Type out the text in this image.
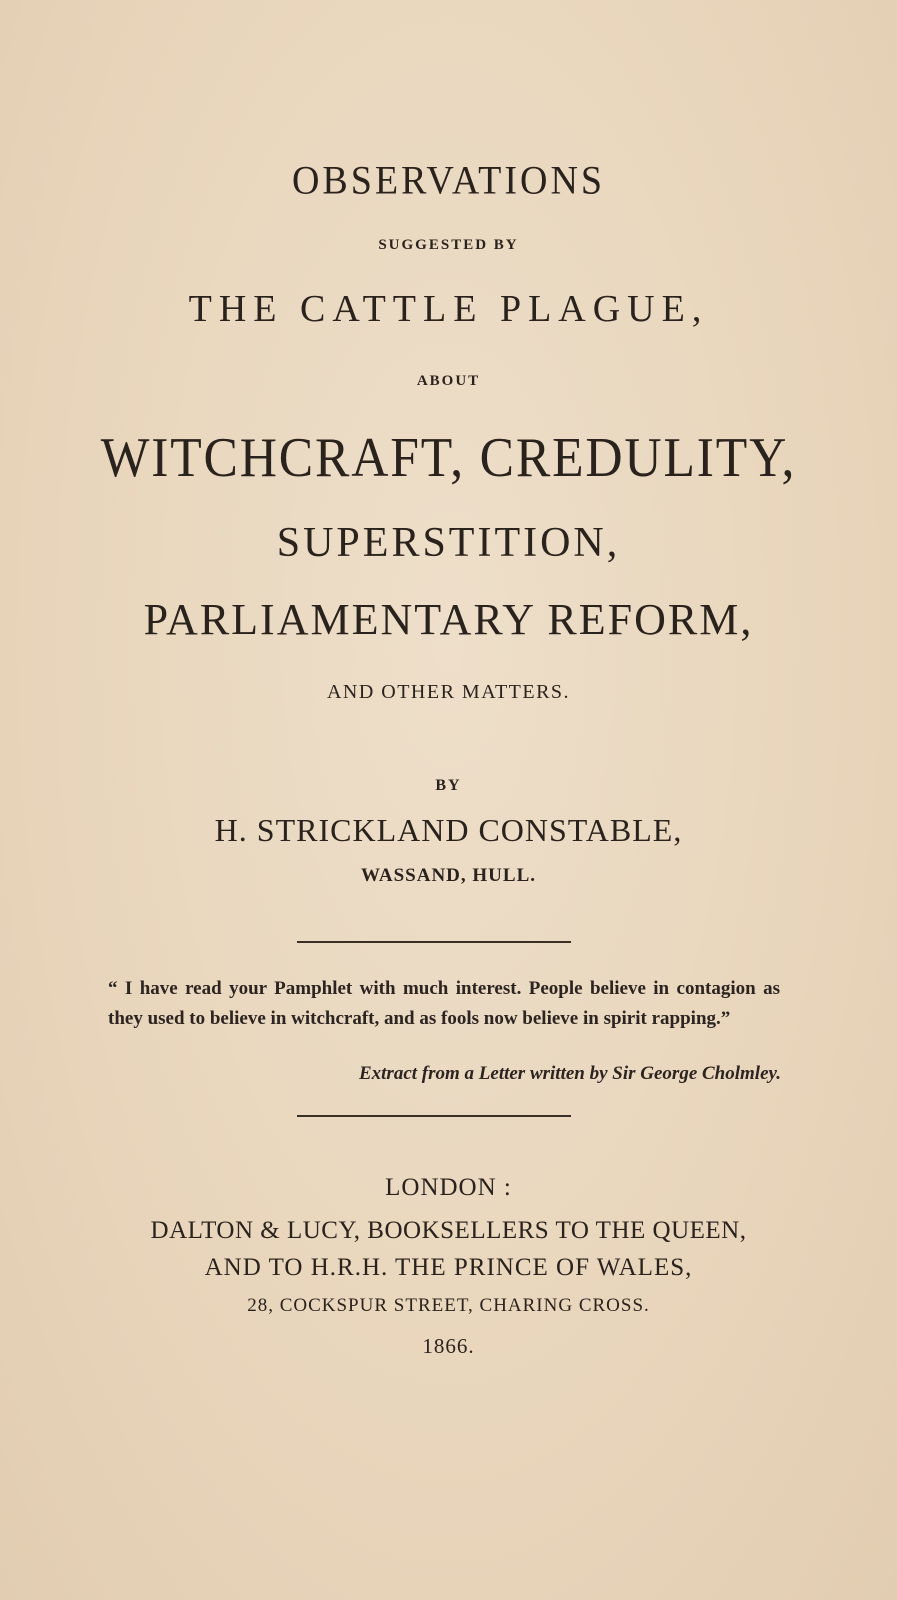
OBSERVATIONS
SUGGESTED BY
THE CATTLE PLAGUE,
ABOUT
WITCHCRAFT, CREDULITY,
SUPERSTITION,
PARLIAMENTARY REFORM,
AND OTHER MATTERS.
BY
H. STRICKLAND CONSTABLE,
WASSAND, HULL.
“ I have read your Pamphlet with much interest. People believe in contagion as they used to believe in witchcraft, and as fools now believe in spirit rapping.”
Extract from a Letter written by Sir George Cholmley.
LONDON :
DALTON & LUCY, BOOKSELLERS TO THE QUEEN,
AND TO H.R.H. THE PRINCE OF WALES,
28, COCKSPUR STREET, CHARING CROSS.
1866.
